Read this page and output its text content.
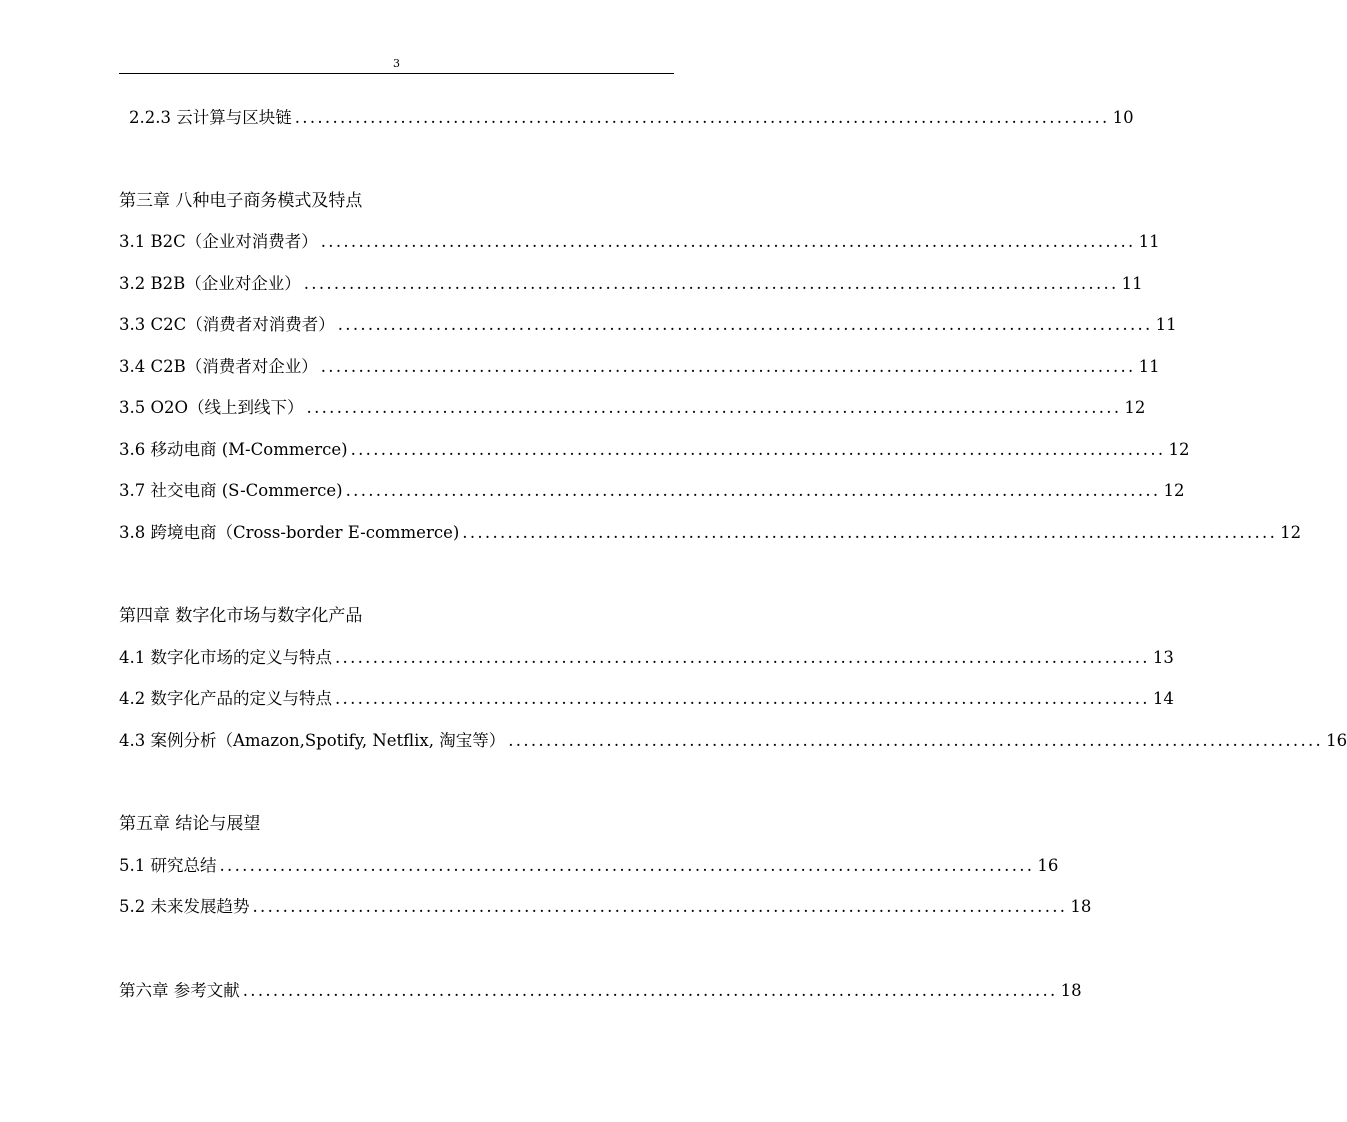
3
2.2.3 云计算与区块链 ............................................................................................................ 10
第三章 八种电子商务模式及特点
3.1 B2C（企业对消费者） ............................................................................................................ 11
3.2 B2B（企业对企业） ............................................................................................................ 11
3.3 C2C（消费者对消费者） ............................................................................................................ 11
3.4 C2B（消费者对企业） ............................................................................................................ 11
3.5 O2O（线上到线下） ............................................................................................................ 12
3.6 移动电商 (M-Commerce) ............................................................................................................ 12
3.7 社交电商 (S-Commerce) ............................................................................................................ 12
3.8 跨境电商（Cross-border E-commerce) ............................................................................................................ 12
第四章 数字化市场与数字化产品
4.1 数字化市场的定义与特点 ............................................................................................................ 13
4.2 数字化产品的定义与特点 ............................................................................................................ 14
4.3 案例分析（Amazon,Spotify, Netflix, 淘宝等） ............................................................................................................ 16
第五章 结论与展望
5.1 研究总结 ............................................................................................................ 16
5.2 未来发展趋势 ............................................................................................................ 18
第六章 参考文献 ............................................................................................................ 18
